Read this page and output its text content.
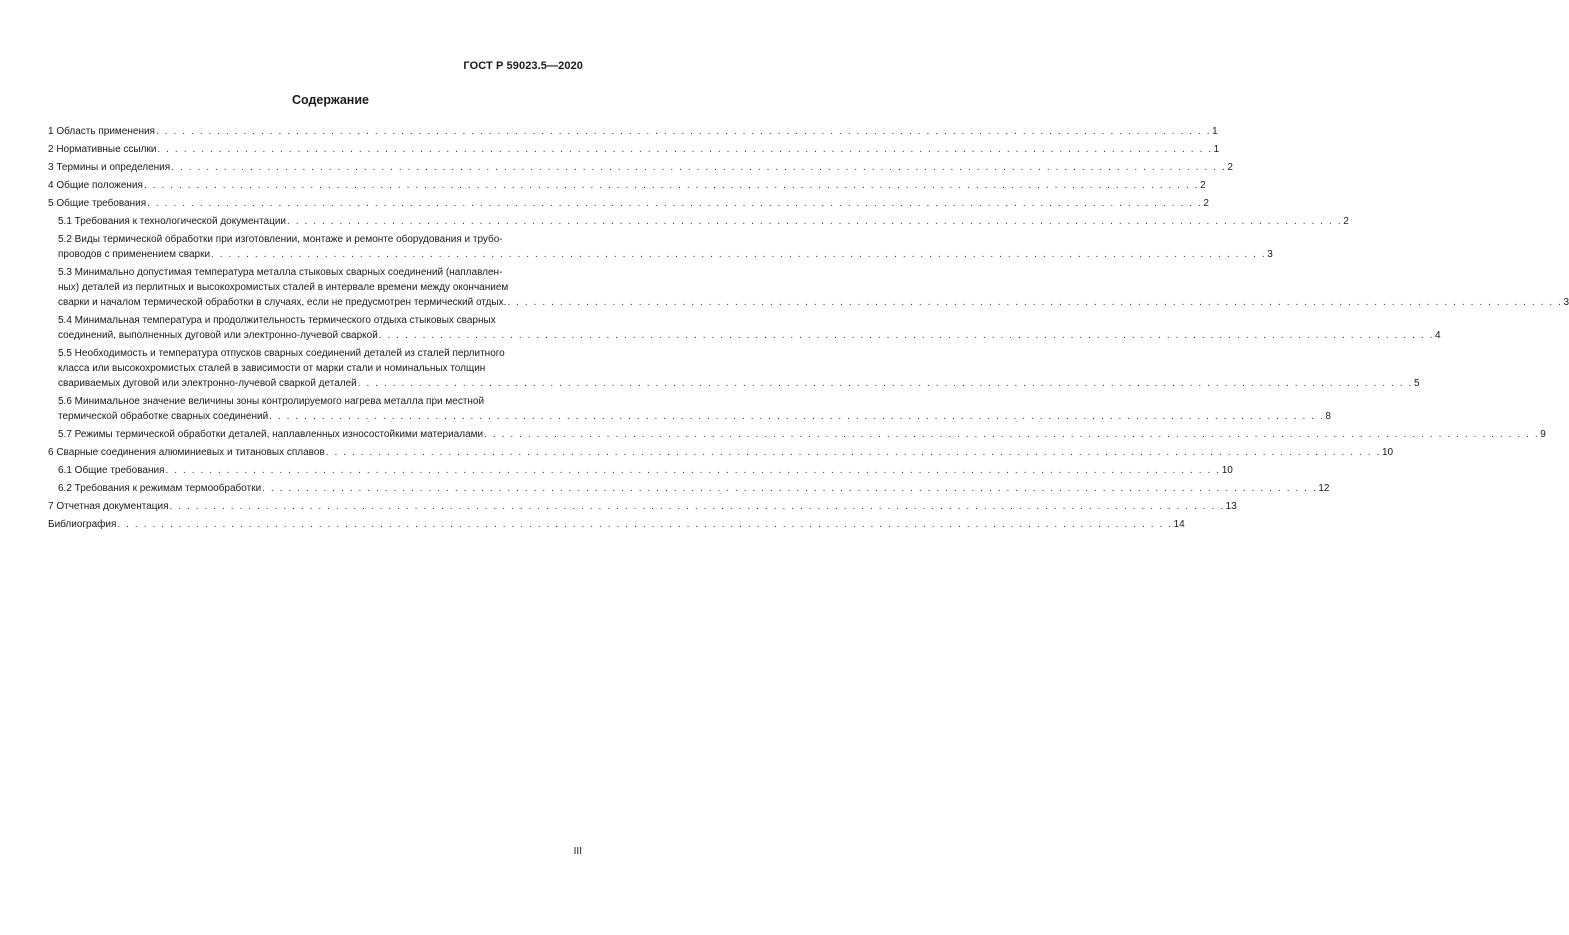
ГОСТ Р 59023.5—2020
Содержание
1 Область применения . . . . . . . . . . . . . . . . . . . . . . . . . . . . . . . . . . . . . . . . . . . . . . . . . . . . . . . . . . . . . . . . . . . . . . . . . . . . . . . . . . . . . . . . . . . . . . . . . . . . . . . . . . . . . . . . . . . . . . . . . 1
2 Нормативные ссылки . . . . . . . . . . . . . . . . . . . . . . . . . . . . . . . . . . . . . . . . . . . . . . . . . . . . . . . . . . . . . . . . . . . . . . . . . . . . . . . . . . . . . . . . . . . . . . . . . . . . . . . . . . . . . . . . . . . . . . . . . 1
3 Термины и определения . . . . . . . . . . . . . . . . . . . . . . . . . . . . . . . . . . . . . . . . . . . . . . . . . . . . . . . . . . . . . . . . . . . . . . . . . . . . . . . . . . . . . . . . . . . . . . . . . . . . . . . . . . . . . . . . . . . . . . . . . 2
4 Общие положения . . . . . . . . . . . . . . . . . . . . . . . . . . . . . . . . . . . . . . . . . . . . . . . . . . . . . . . . . . . . . . . . . . . . . . . . . . . . . . . . . . . . . . . . . . . . . . . . . . . . . . . . . . . . . . . . . . . . . . . . . 2
5 Общие требования . . . . . . . . . . . . . . . . . . . . . . . . . . . . . . . . . . . . . . . . . . . . . . . . . . . . . . . . . . . . . . . . . . . . . . . . . . . . . . . . . . . . . . . . . . . . . . . . . . . . . . . . . . . . . . . . . . . . . . . . . 2
5.1 Требования к технологической документации . . . . . . . . . . . . . . . . . . . . . . . . . . . . . . . . . . . . . . . . . . . . . . . . . . . . . . . . . . . . . . . . . . . . . . . . . . . . . . . . . . . . . . . . . . . . . . . . . . . . . . . . . . . . . . . . . . . . . . . . . 2
5.2 Виды термической обработки при изготовлении, монтаже и ремонте оборудования и трубо-
проводов с применением сварки . . . . . . . . . . . . . . . . . . . . . . . . . . . . . . . . . . . . . . . . . . . . . . . . . . . . . . . . . . . . . . . . . . . . . . . . . . . . . . . . . . . . . . . . . . . . . . . . . . . . . . . . . . . . . . . . . . . . . . . . . 3
5.3 Минимально допустимая температура металла стыковых сварных соединений (наплавлен-
ных) деталей из перлитных и высокохромистых сталей в интервале времени между окончанием
сварки и началом термической обработки в случаях, если не предусмотрен термический отдых. . . . . . . . . . . . . . . . . . . . . . . . . . . . . . . . . . . . . . . . . . . . . . . . . . . . . . . . . . . . . . . . . . . . . . . . . . . . . . . . . . . . . . . . . . . . . . . . . . . . . . . . . . . . . . . . . . . . . . . . . . 3
5.4 Минимальная температура и продолжительность термического отдыха стыковых сварных
соединений, выполненных дуговой или электронно-лучевой сваркой . . . . . . . . . . . . . . . . . . . . . . . . . . . . . . . . . . . . . . . . . . . . . . . . . . . . . . . . . . . . . . . . . . . . . . . . . . . . . . . . . . . . . . . . . . . . . . . . . . . . . . . . . . . . . . . . . . . . . . . . . 4
5.5 Необходимость и температура отпусков сварных соединений деталей из сталей перлитного
класса или высокохромистых сталей в зависимости от марки стали и номинальных толщин
свариваемых дуговой или электронно-лучевой сваркой деталей . . . . . . . . . . . . . . . . . . . . . . . . . . . . . . . . . . . . . . . . . . . . . . . . . . . . . . . . . . . . . . . . . . . . . . . . . . . . . . . . . . . . . . . . . . . . . . . . . . . . . . . . . . . . . . . . . . . . . . . . . 5
5.6 Минимальное значение величины зоны контролируемого нагрева металла при местной
термической обработке сварных соединений . . . . . . . . . . . . . . . . . . . . . . . . . . . . . . . . . . . . . . . . . . . . . . . . . . . . . . . . . . . . . . . . . . . . . . . . . . . . . . . . . . . . . . . . . . . . . . . . . . . . . . . . . . . . . . . . . . . . . . . . . 8
5.7 Режимы термической обработки деталей, наплавленных износостойкими материалами . . . . . . . . . . . . . . . . . . . . . . . . . . . . . . . . . . . . . . . . . . . . . . . . . . . . . . . . . . . . . . . . . . . . . . . . . . . . . . . . . . . . . . . . . . . . . . . . . . . . . . . . . . . . . . . . . . . . . . . . . 9
6 Сварные соединения алюминиевых и титановых сплавов . . . . . . . . . . . . . . . . . . . . . . . . . . . . . . . . . . . . . . . . . . . . . . . . . . . . . . . . . . . . . . . . . . . . . . . . . . . . . . . . . . . . . . . . . . . . . . . . . . . . . . . . . . . . . . . . . . . . . . . . . 10
6.1 Общие требования . . . . . . . . . . . . . . . . . . . . . . . . . . . . . . . . . . . . . . . . . . . . . . . . . . . . . . . . . . . . . . . . . . . . . . . . . . . . . . . . . . . . . . . . . . . . . . . . . . . . . . . . . . . . . . . . . . . . . . . . . 10
6.2 Требования к режимам термообработки . . . . . . . . . . . . . . . . . . . . . . . . . . . . . . . . . . . . . . . . . . . . . . . . . . . . . . . . . . . . . . . . . . . . . . . . . . . . . . . . . . . . . . . . . . . . . . . . . . . . . . . . . . . . . . . . . . . . . . . . . 12
7 Отчетная документация . . . . . . . . . . . . . . . . . . . . . . . . . . . . . . . . . . . . . . . . . . . . . . . . . . . . . . . . . . . . . . . . . . . . . . . . . . . . . . . . . . . . . . . . . . . . . . . . . . . . . . . . . . . . . . . . . . . . . . . . . 13
Библиография . . . . . . . . . . . . . . . . . . . . . . . . . . . . . . . . . . . . . . . . . . . . . . . . . . . . . . . . . . . . . . . . . . . . . . . . . . . . . . . . . . . . . . . . . . . . . . . . . . . . . . . . . . . . . . . . . . . . . . . . . 14
III
